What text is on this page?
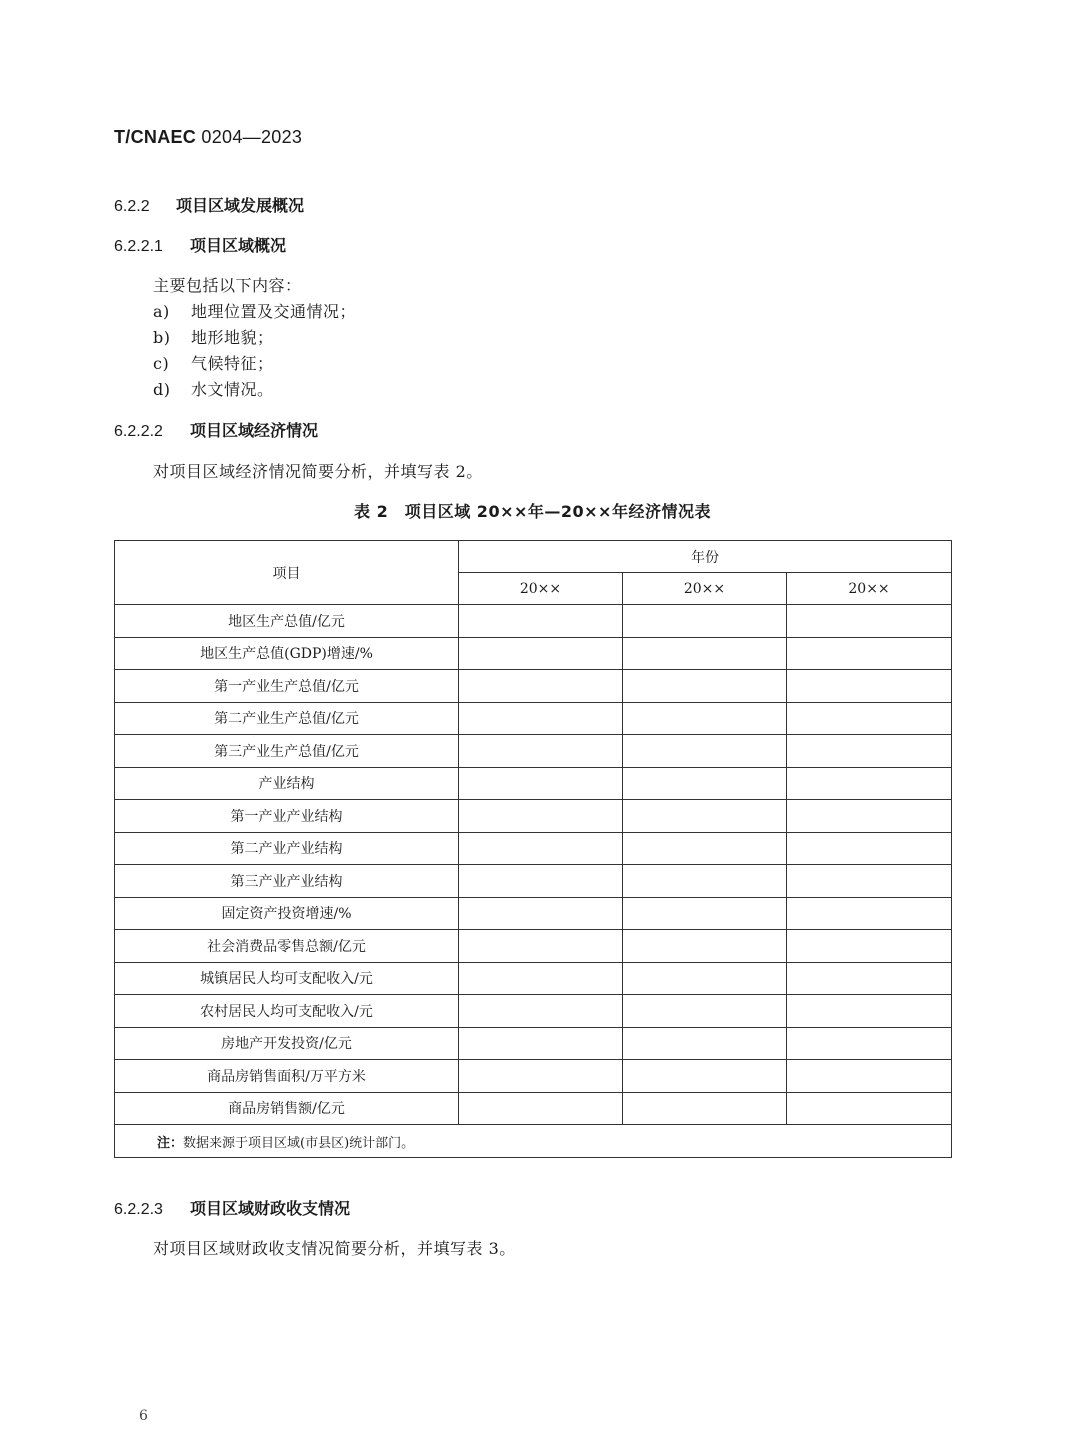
T/CNAEC 0204—2023
6.2.2 项目区域发展概况
6.2.2.1 项目区域概况
主要包括以下内容：
a) 地理位置及交通情况；
b) 地形地貌；
c) 气候特征；
d) 水文情况。
6.2.2.2 项目区域经济情况
对项目区域经济情况简要分析，并填写表 2。
表 2　项目区域 20××年—20××年经济情况表
项目	年份		
	20××	20××	20××
地区生产总值/亿元			
地区生产总值(GDP)增速/%			
第一产业生产总值/亿元			
第二产业生产总值/亿元			
第三产业生产总值/亿元			
产业结构			
第一产业产业结构			
第二产业产业结构			
第三产业产业结构			
固定资产投资增速/%			
社会消费品零售总额/亿元			
城镇居民人均可支配收入/元			
农村居民人均可支配收入/元			
房地产开发投资/亿元			
商品房销售面积/万平方米			
商品房销售额/亿元			
注：数据来源于项目区域(市县区)统计部门。			
6.2.2.3 项目区域财政收支情况
对项目区域财政收支情况简要分析，并填写表 3。
6
